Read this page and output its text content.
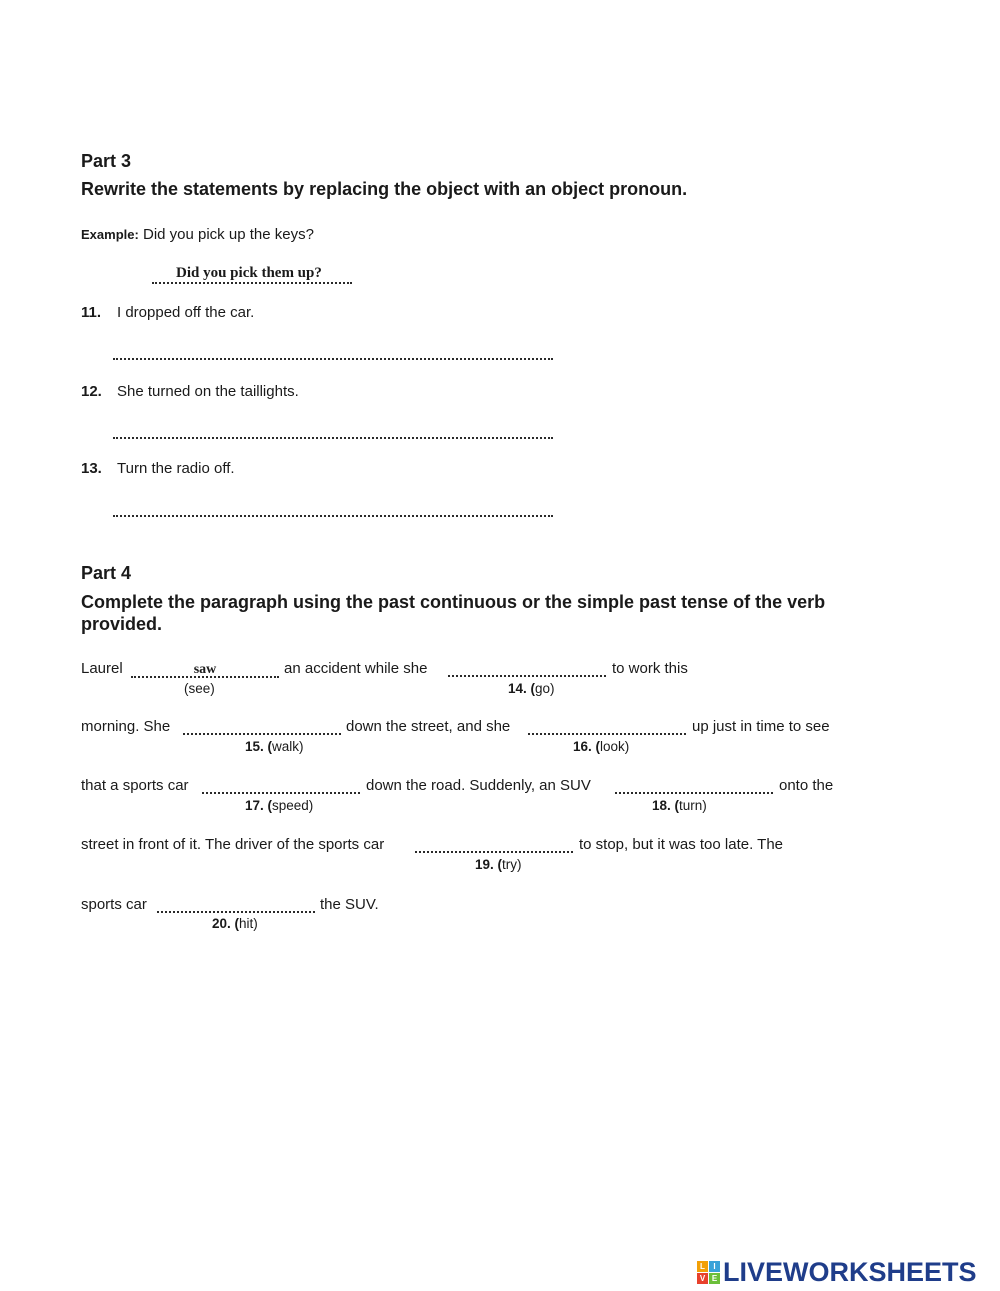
Part 3
Rewrite the statements by replacing the object with an object pronoun.
Example: Did you pick up the keys?
Did you pick them up?
11. I dropped off the car.
12. She turned on the taillights.
13. Turn the radio off.
Part 4
Complete the paragraph using the past continuous or the simple past tense of the verb
provided.
Laurel	saw	an accident while she	to work this
(see)	14. (go)
morning. She	down the street, and she	up just in time to see
15. (walk)	16. (look)
that a sports car	down the road. Suddenly, an SUV	onto the
17. (speed)	18. (turn)
street in front of it. The driver of the sports car	to stop, but it was too late. The
19. (try)
sports car	the SUV.
20. (hit)
L	I
V E LIVEWORKSHEETS
